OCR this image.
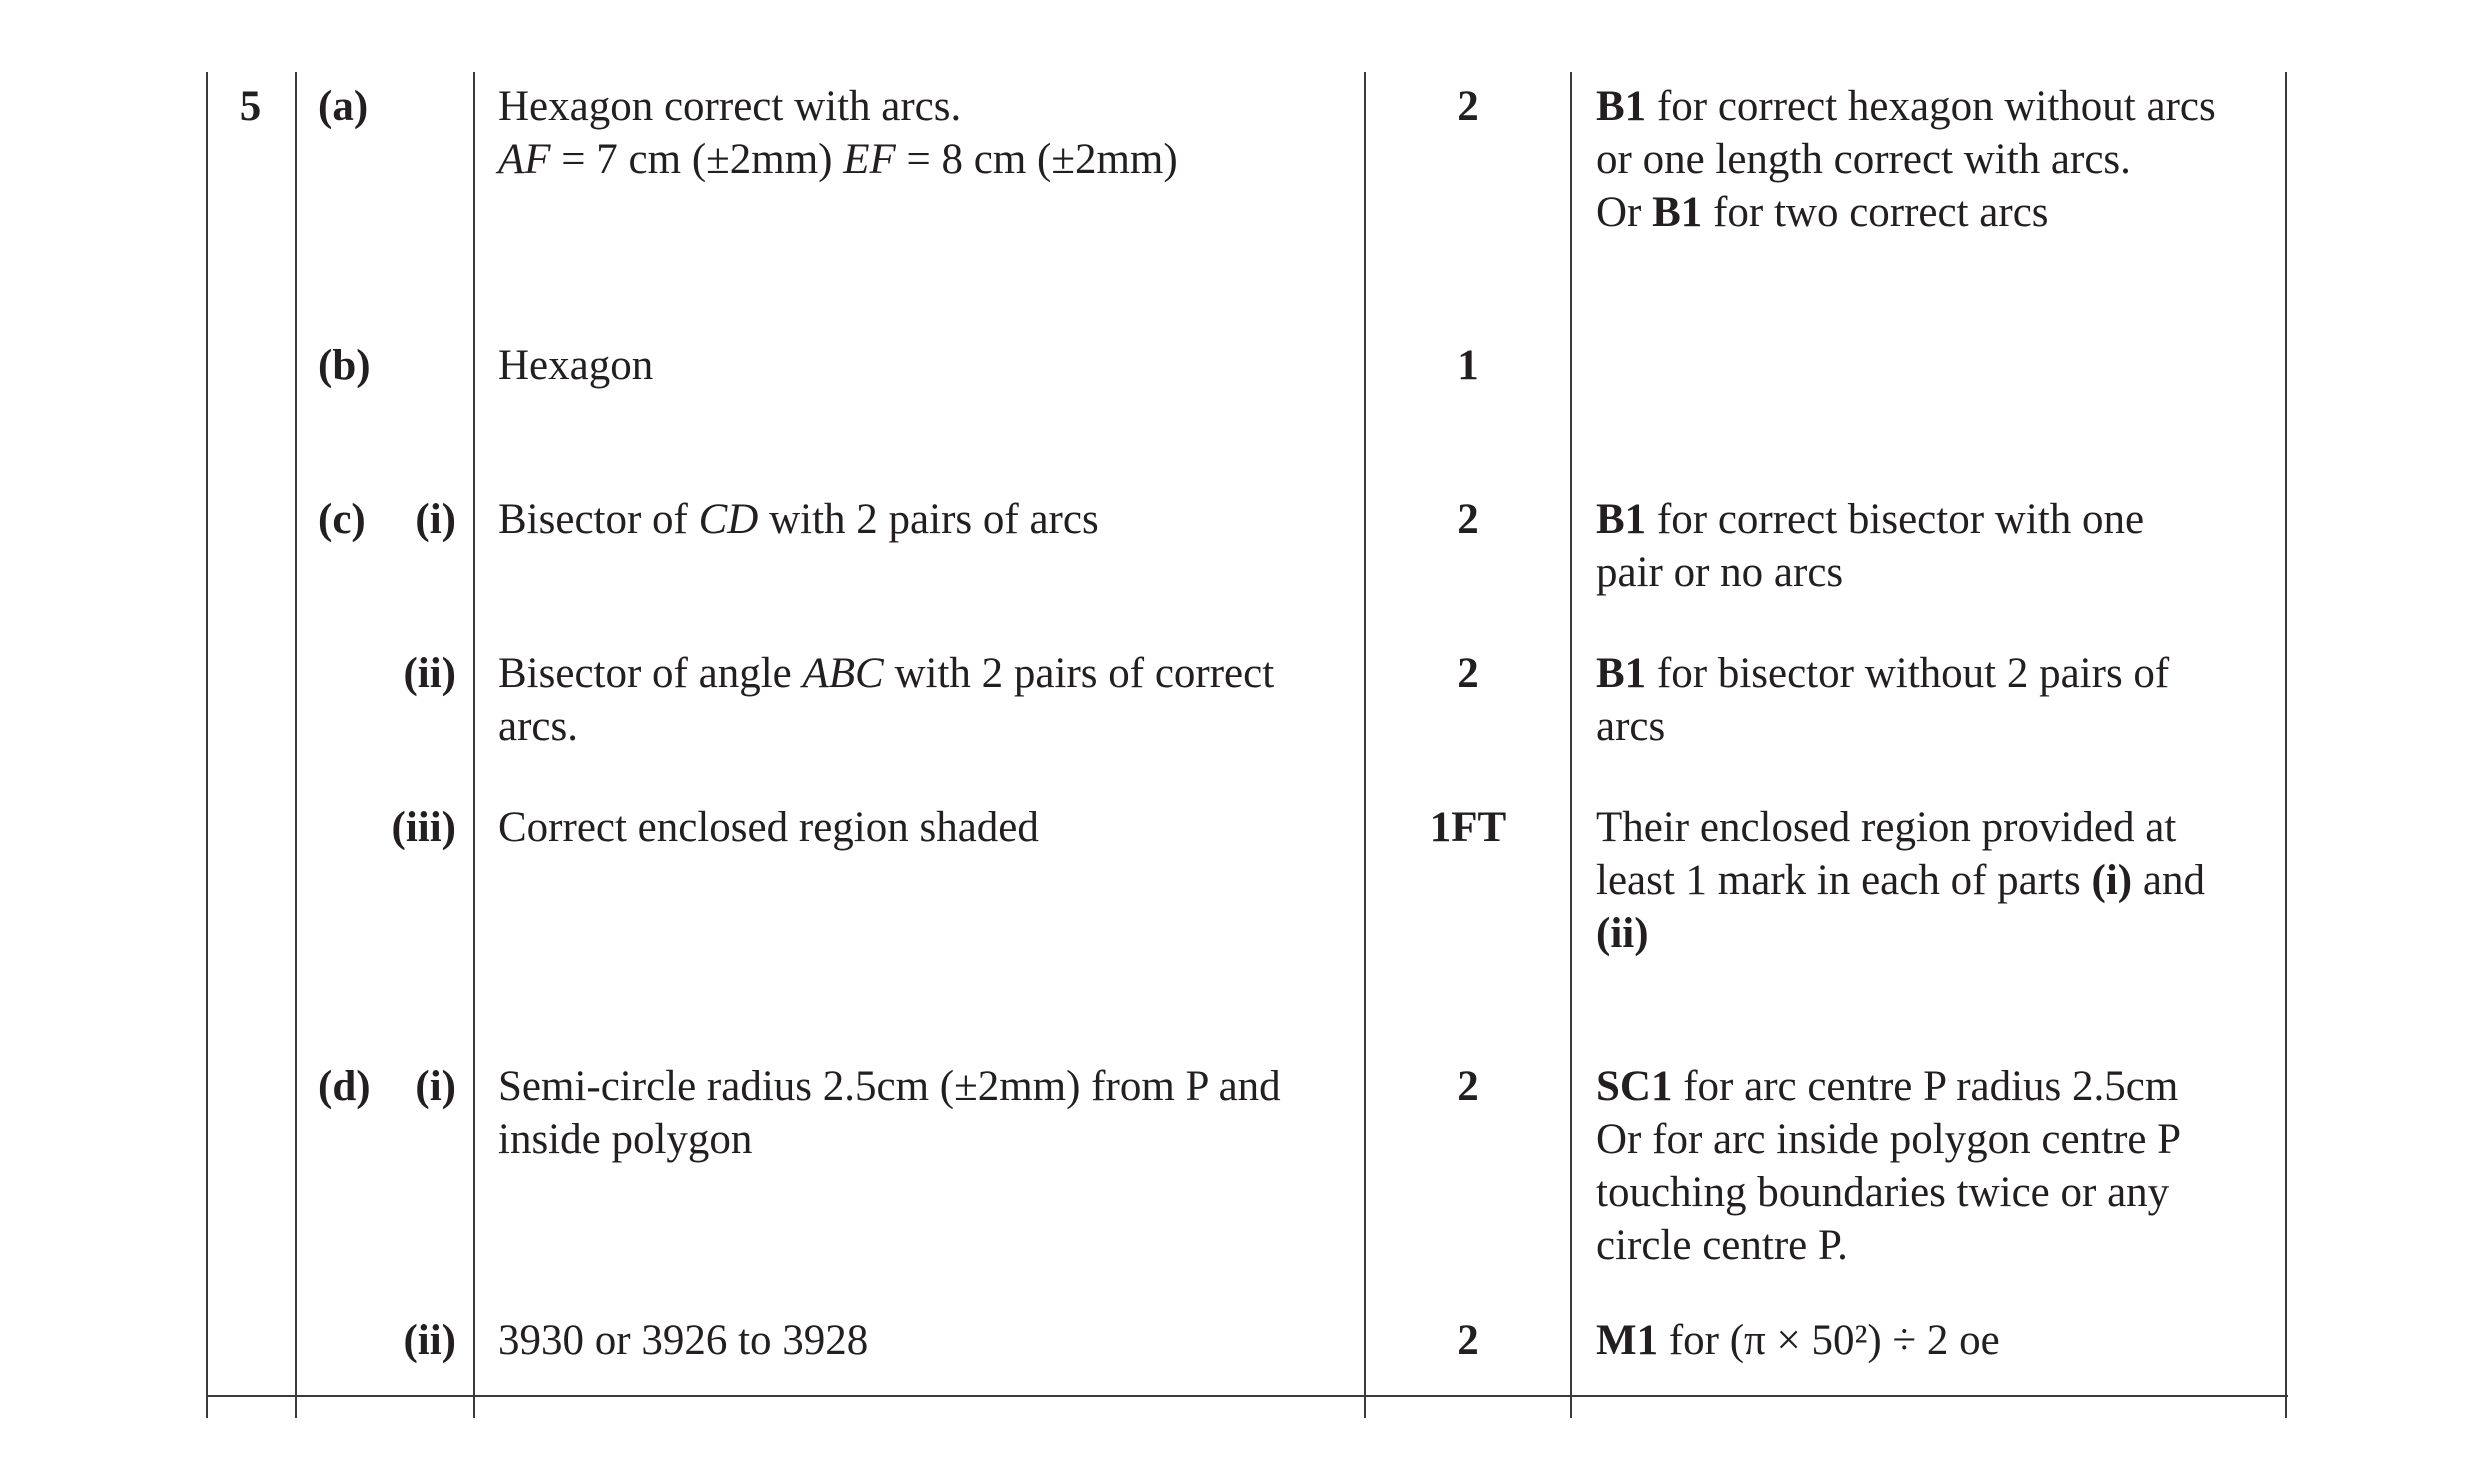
5	(a)	Hexagon correct with arcs.
AF = 7 cm (±2mm) EF = 8 cm (±2mm)
2	B1 for correct hexagon without arcs
or one length correct with arcs.
Or B1 for two correct arcs
(b)	Hexagon	1
(c)	(i) Bisector of CD with 2 pairs of arcs	2	B1 for correct bisector with one
pair or no arcs
(ii) Bisector of angle ABC with 2 pairs of correct
arcs.
2	B1 for bisector without 2 pairs of
arcs
(iii) Correct enclosed region shaded	1FT	Their enclosed region provided at
least 1 mark in each of parts (i) and
(ii)
(d)	(i) Semi-circle radius 2.5cm (±2mm) from P and
inside polygon
2	SC1 for arc centre P radius 2.5cm
Or for arc inside polygon centre P
touching boundaries twice or any
circle centre P.
(ii) 3930 or 3926 to 3928	2	M1 for (π × 50²) ÷ 2 oe
